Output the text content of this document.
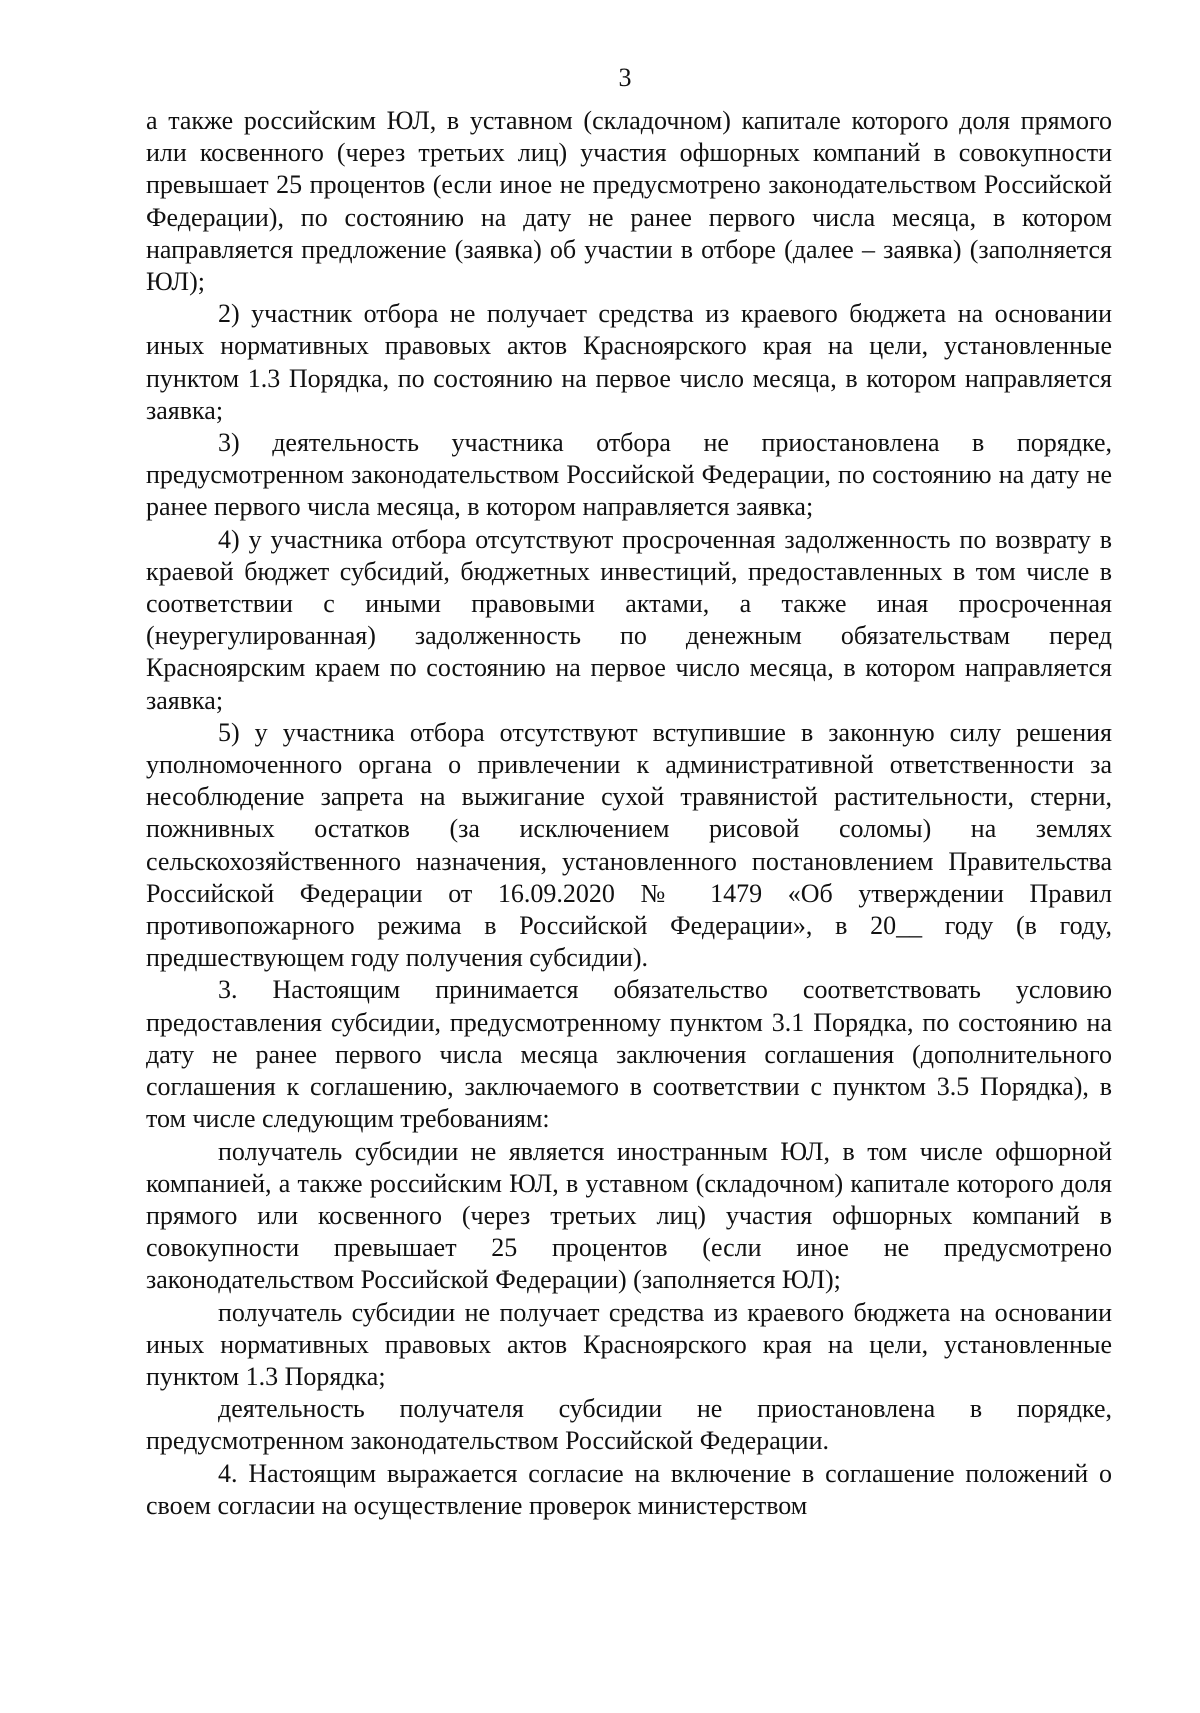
3

а также российским ЮЛ, в уставном (складочном) капитале которого доля прямого или косвенного (через третьих лиц) участия офшорных компаний в совокупности превышает 25 процентов (если иное не предусмотрено законодательством Российской Федерации), по состоянию на дату не ранее первого числа месяца, в котором направляется предложение (заявка) об участии в отборе (далее – заявка) (заполняется ЮЛ);

2) участник отбора не получает средства из краевого бюджета на основании иных нормативных правовых актов Красноярского края на цели, установленные пунктом 1.3 Порядка, по состоянию на первое число месяца, в котором направляется заявка;

3) деятельность участника отбора не приостановлена в порядке, предусмотренном законодательством Российской Федерации, по состоянию на дату не ранее первого числа месяца, в котором направляется заявка;

4) у участника отбора отсутствуют просроченная задолженность по возврату в краевой бюджет субсидий, бюджетных инвестиций, предоставленных в том числе в соответствии с иными правовыми актами, а также иная просроченная (неурегулированная) задолженность по денежным обязательствам перед Красноярским краем по состоянию на первое число месяца, в котором направляется заявка;

5) у участника отбора отсутствуют вступившие в законную силу решения уполномоченного органа о привлечении к административной ответственности за несоблюдение запрета на выжигание сухой травянистой растительности, стерни, пожнивных остатков (за исключением рисовой соломы) на землях сельскохозяйственного назначения, установленного постановлением Правительства Российской Федерации от 16.09.2020 № 1479 «Об утверждении Правил противопожарного режима в Российской Федерации», в 20__ году (в году, предшествующем году получения субсидии).

3. Настоящим принимается обязательство соответствовать условию предоставления субсидии, предусмотренному пунктом 3.1 Порядка, по состоянию на дату не ранее первого числа месяца заключения соглашения (дополнительного соглашения к соглашению, заключаемого в соответствии с пунктом 3.5 Порядка), в том числе следующим требованиям:

получатель субсидии не является иностранным ЮЛ, в том числе офшорной компанией, а также российским ЮЛ, в уставном (складочном) капитале которого доля прямого или косвенного (через третьих лиц) участия офшорных компаний в совокупности превышает 25 процентов (если иное не предусмотрено законодательством Российской Федерации) (заполняется ЮЛ);

получатель субсидии не получает средства из краевого бюджета на основании иных нормативных правовых актов Красноярского края на цели, установленные пунктом 1.3 Порядка;

деятельность получателя субсидии не приостановлена в порядке, предусмотренном законодательством Российской Федерации.

4. Настоящим выражается согласие на включение в соглашение положений о своем согласии на осуществление проверок министерством
